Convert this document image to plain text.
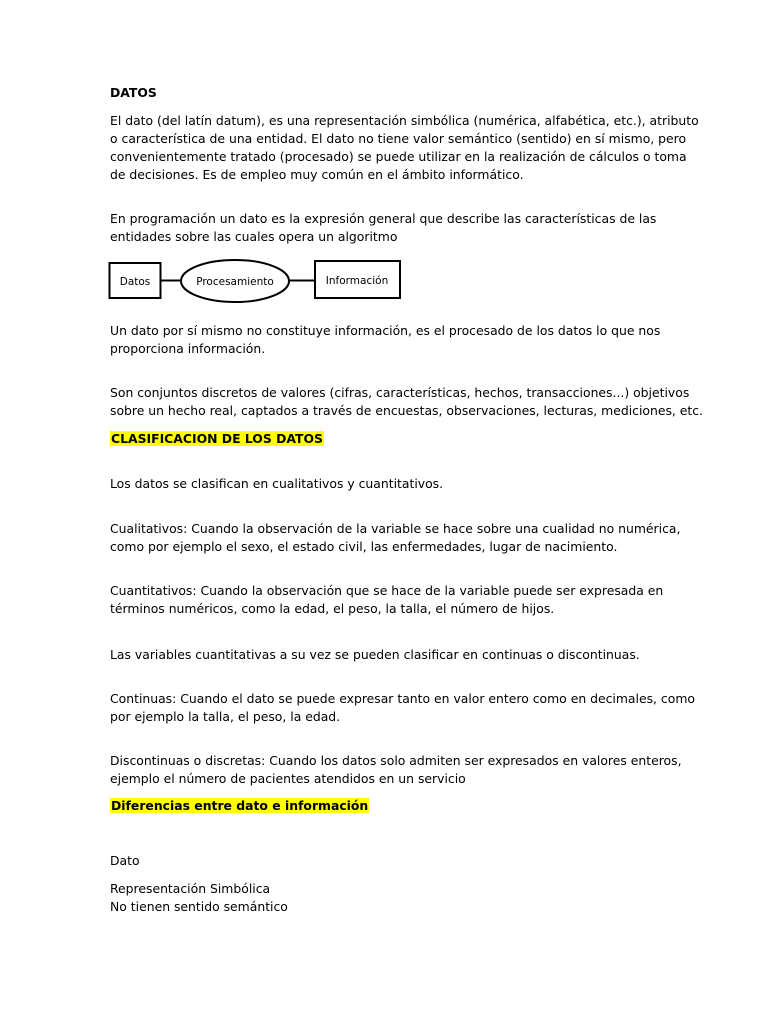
DATOS

El dato (del latín datum), es una representación simbólica (numérica, alfabética, etc.), atributo

o característica de una entidad. El dato no tiene valor semántico (sentido) en sí mismo, pero

convenientemente tratado (procesado) se puede utilizar en la realización de cálculos o toma

de decisiones. Es de empleo muy común en el ámbito informático.

En programación un dato es la expresión general que describe las características de las

entidades sobre las cuales opera un algoritmo

Datos	Procesamiento	Información

Un dato por sí mismo no constituye información, es el procesado de los datos lo que nos

proporciona información.

Son conjuntos discretos de valores (cifras, características, hechos, transacciones...) objetivos

sobre un hecho real, captados a través de encuestas, observaciones, lecturas, mediciones, etc.

CLASIFICACION DE LOS DATOS

Los datos se clasifican en cualitativos y cuantitativos.

Cualitativos: Cuando la observación de la variable se hace sobre una cualidad no numérica,

como por ejemplo el sexo, el estado civil, las enfermedades, lugar de nacimiento.

Cuantitativos: Cuando la observación que se hace de la variable puede ser expresada en

términos numéricos, como la edad, el peso, la talla, el número de hijos.

Las variables cuantitativas a su vez se pueden clasificar en continuas o discontinuas.

Continuas: Cuando el dato se puede expresar tanto en valor entero como en decimales, como

por ejemplo la talla, el peso, la edad.

Discontinuas o discretas: Cuando los datos solo admiten ser expresados en valores enteros,

ejemplo el número de pacientes atendidos en un servicio

Diferencias entre dato e información

Dato

Representación Simbólica

No tienen sentido semántico
